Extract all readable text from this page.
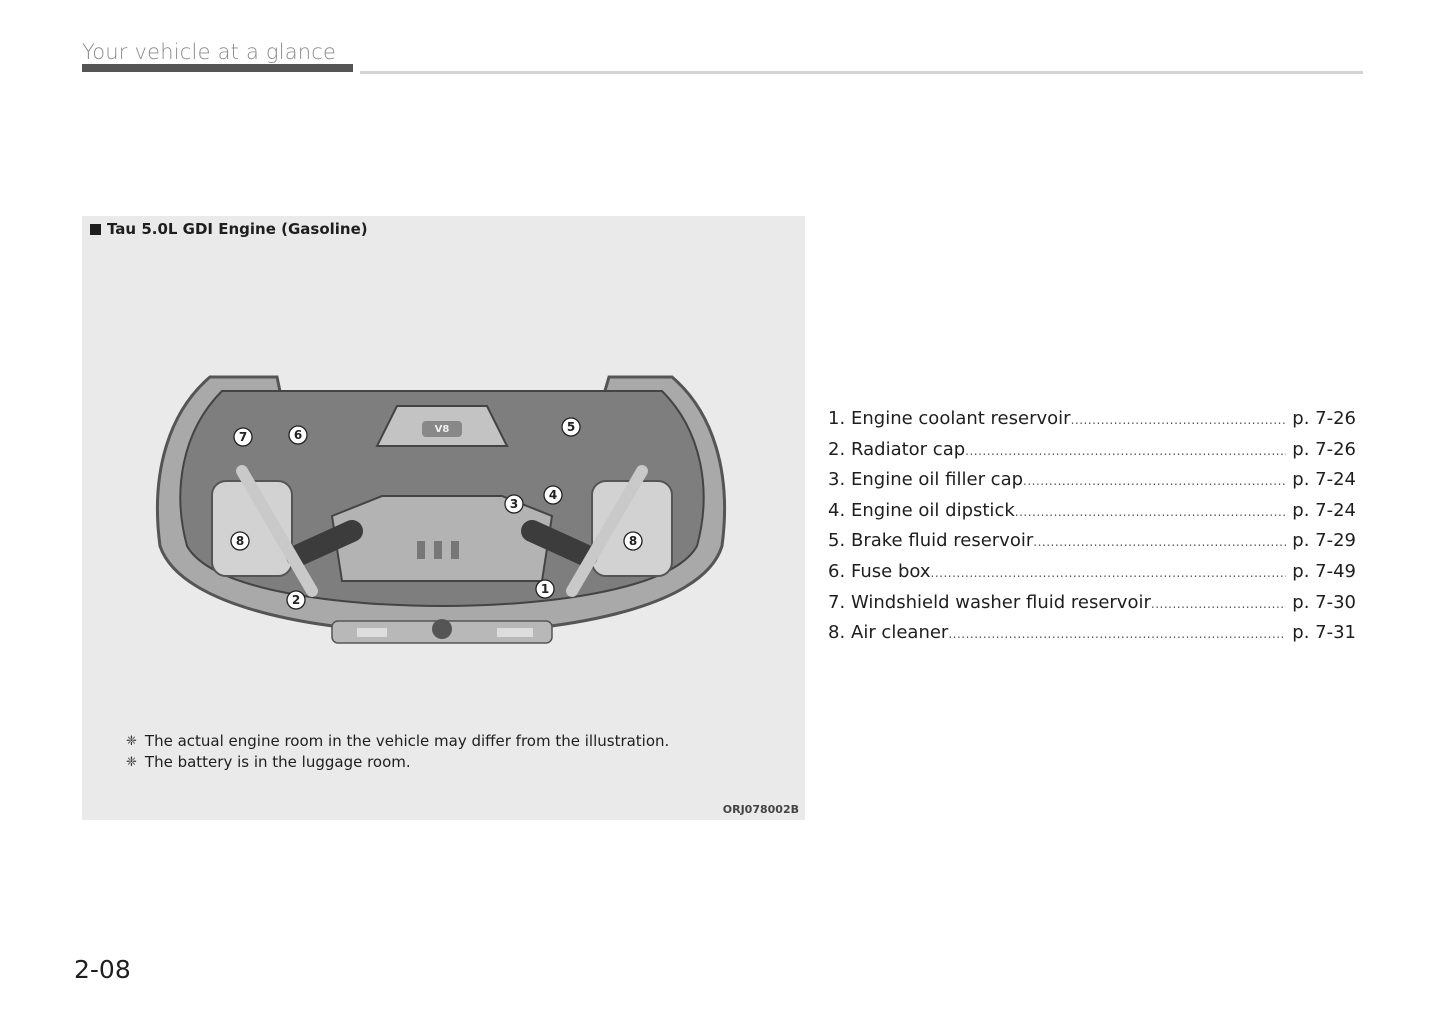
Your vehicle at a glance
Tau 5.0L GDI Engine (Gasoline)
V8
1
2
3
4
5
6
7
8	8
❈ The actual engine room in the vehicle may differ from the illustration.
❈ The battery is in the luggage room.
ORJ078002B
1. Engine coolant reservoir .....	p. 7-26
2. Radiator cap .....	p. 7-26
3. Engine oil filler cap .....	p. 7-24
4. Engine oil dipstick .....	p. 7-24
5. Brake fluid reservoir .....	p. 7-29
6. Fuse box .....	p. 7-49
7. Windshield washer fluid reservoir .....	p. 7-30
8. Air cleaner .....	p. 7-31
2-08
